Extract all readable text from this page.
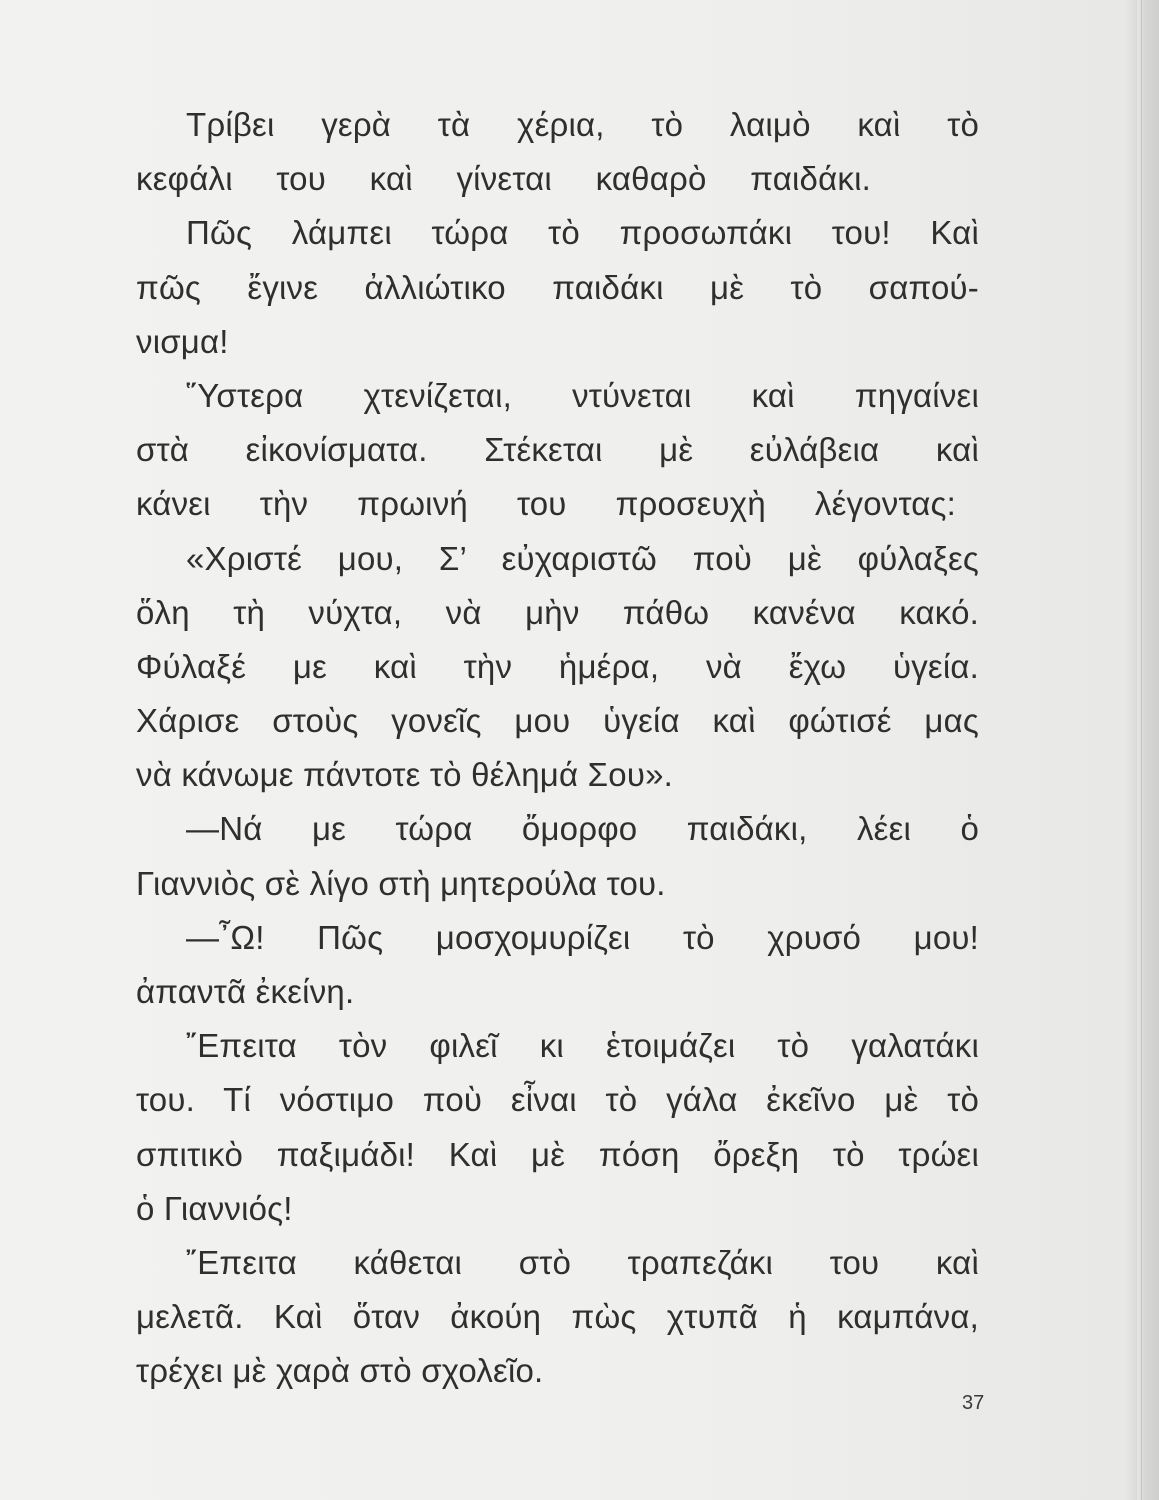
Τρίβει γερὰ τὰ χέρια, τὸ λαιμὸ καὶ τὸ
κεφάλι του καὶ γίνεται καθαρὸ παιδάκι.
Πῶς λάμπει τώρα τὸ προσωπάκι του! Καὶ
πῶς ἔγινε ἀλλιώτικο παιδάκι μὲ τὸ σαπού-
νισμα!
῞Υστερα χτενίζεται, ντύνεται καὶ πηγαίνει
στὰ εἰκονίσματα. Στέκεται μὲ εὐλάβεια καὶ
κάνει τὴν πρωινή του προσευχὴ λέγοντας:
«Χριστέ μου, Σ’ εὐχαριστῶ ποὺ μὲ φύλαξες
ὅλη τὴ νύχτα, νὰ μὴν πάθω κανένα κακό.
Φύλαξέ με καὶ τὴν ἡμέρα, νὰ ἔχω ὑγεία.
Χάρισε στοὺς γονεῖς μου ὑγεία καὶ φώτισέ μας
νὰ κάνωμε πάντοτε τὸ θέλημά Σου».
—Νά με τώρα ὄμορφο παιδάκι, λέει ὁ
Γιαννιὸς σὲ λίγο στὴ μητερούλα του.
—῏Ω! Πῶς μοσχομυρίζει τὸ χρυσό μου!
ἀπαντᾶ ἐκείνη.
῎Επειτα τὸν φιλεῖ κι ἑτοιμάζει τὸ γαλατάκι
του. Τί νόστιμο ποὺ εἶναι τὸ γάλα ἐκεῖνο μὲ τὸ
σπιτικὸ παξιμάδι! Καὶ μὲ πόση ὄρεξη τὸ τρώει
ὁ Γιαννιός!
῎Επειτα κάθεται στὸ τραπεζάκι του καὶ
μελετᾶ. Καὶ ὅταν ἀκούη πὼς χτυπᾶ ἡ καμπάνα,
τρέχει μὲ χαρὰ στὸ σχολεῖο.
37
